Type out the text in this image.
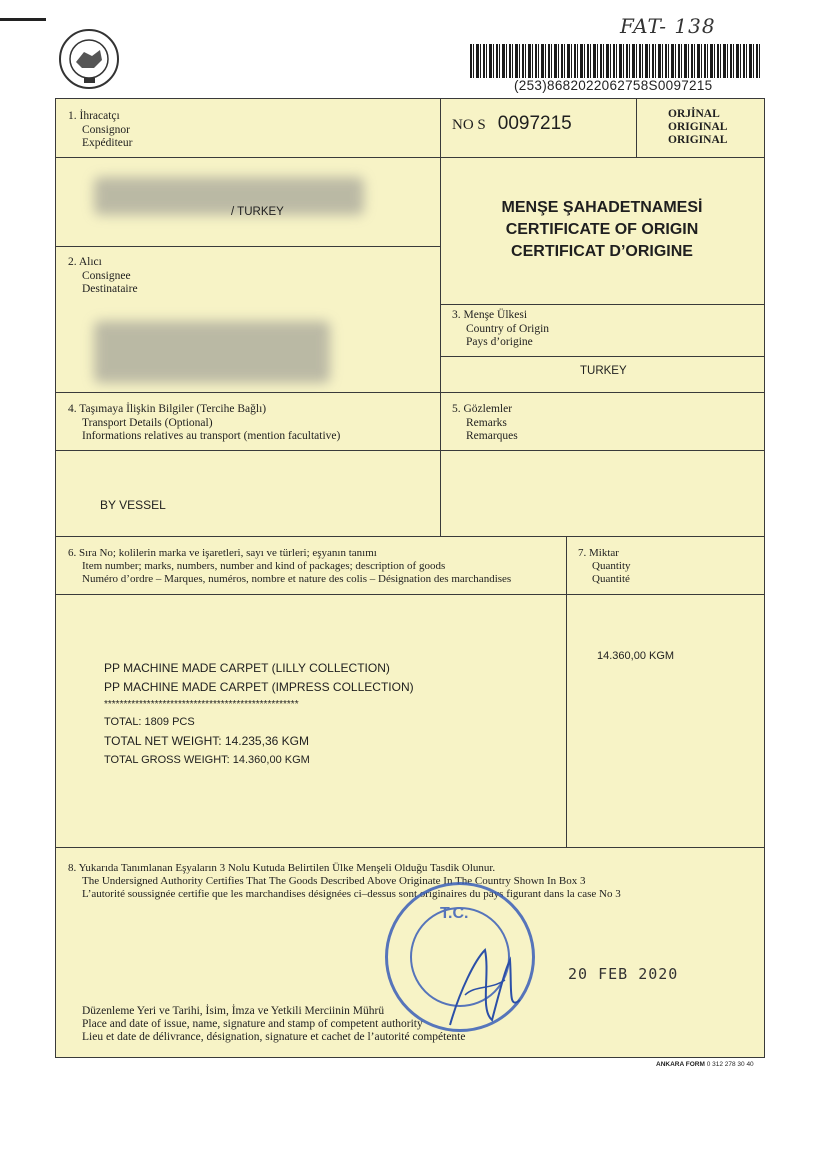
FAT- 138
(253)8682022062758S0097215
1. İhracatçı
Consignor
Expéditeur
/ TURKEY
NO S 0097215	ORJİNAL
ORIGINAL
ORIGINAL
MENŞE ŞAHADETNAMESİ
CERTIFICATE OF ORIGIN
CERTIFICAT D’ORIGINE
2. Alıcı
Consignee
Destinataire
3. Menşe Ülkesi
Country of Origin
Pays d’origine
TURKEY
4. Taşımaya İlişkin Bilgiler (Tercihe Bağlı)
Transport Details (Optional)
Informations relatives au transport (mention facultative)
BY VESSEL
5. Gözlemler
Remarks
Remarques
6. Sıra No; kolilerin marka ve işaretleri, sayı ve türleri; eşyanın tanımı
Item number; marks, numbers, number and kind of packages; description of goods
Numéro d’ordre – Marques, numéros, nombre et nature des colis – Désignation des marchandises
PP MACHINE MADE CARPET (LILLY COLLECTION)
PP MACHINE MADE CARPET (IMPRESS COLLECTION)
**************************************************
TOTAL: 1809 PCS
TOTAL NET WEIGHT: 14.235,36 KGM
TOTAL GROSS WEIGHT: 14.360,00 KGM
7. Miktar
Quantity
Quantité
14.360,00 KGM
8. Yukarıda Tanımlanan Eşyaların 3 Nolu Kutuda Belirtilen Ülke Menşeli Olduğu Tasdik Olunur.
The Undersigned Authority Certifies That The Goods Described Above Originate In The Country Shown In Box 3
L’autorité soussignée certifie que les marchandises désignées ci–dessus sont originaires du pays figurant dans la case No 3
Düzenleme Yeri ve Tarihi, İsim, İmza ve Yetkili Merciinin Mührü
Place and date of issue, name, signature and stamp of competent authority
Lieu et date de délivrance, désignation, signature et cachet de l’autorité compétente
20 FEB 2020
T.C.
ANKARA FORM 0 312 278 30 40
